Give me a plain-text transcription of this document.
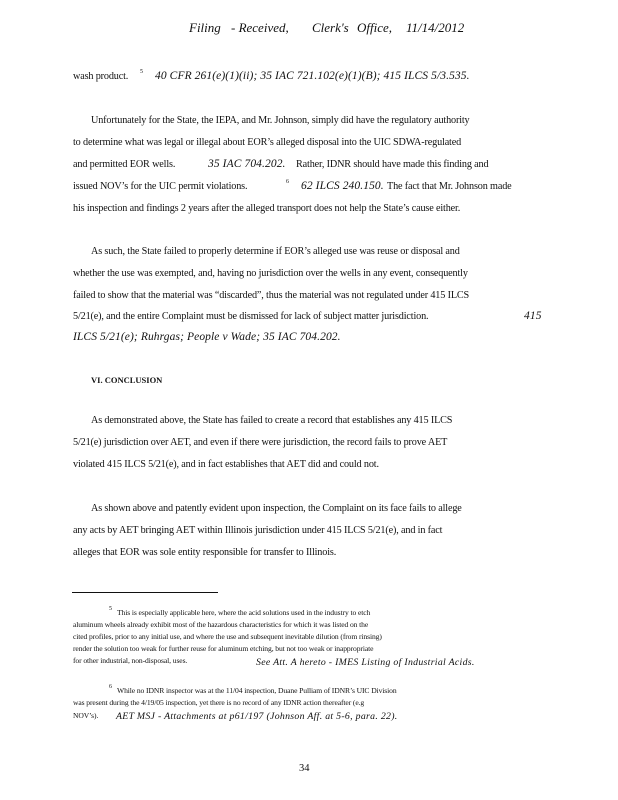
Filing - Received, Clerk's Office, 11/14/2012
wash product. 5 40 CFR 261(e)(1)(ii); 35 IAC 721.102(e)(1)(B); 415 ILCS 5/3.535.
Unfortunately for the State, the IEPA, and Mr. Johnson, simply did have the regulatory authority
to determine what was legal or illegal about EOR’s alleged disposal into the UIC SDWA-regulated
and permitted EOR wells.	35 IAC 704.202. Rather, IDNR should have made this finding and
issued NOV’s for the UIC permit violations.	6 62 ILCS 240.150. The fact that Mr. Johnson made
his inspection and findings 2 years after the alleged transport does not help the State’s cause either.
As such, the State failed to properly determine if EOR’s alleged use was reuse or disposal and
whether the use was exempted, and, having no jurisdiction over the wells in any event, consequently
failed to show that the material was “discarded”, thus the material was not regulated under 415 ILCS
5/21(e), and the entire Complaint must be dismissed for lack of subject matter jurisdiction.	415
ILCS 5/21(e); Ruhrgas; People v Wade; 35 IAC 704.202.
VI. CONCLUSION
As demonstrated above, the State has failed to create a record that establishes any 415 ILCS
5/21(e) jurisdiction over AET, and even if there were jurisdiction, the record fails to prove AET
violated 415 ILCS 5/21(e), and in fact establishes that AET did and could not.
As shown above and patently evident upon inspection, the Complaint on its face fails to allege
any acts by AET bringing AET within Illinois jurisdiction under 415 ILCS 5/21(e), and in fact
alleges that EOR was sole entity responsible for transfer to Illinois.
5 This is especially applicable here, where the acid solutions used in the industry to etch
aluminum wheels already exhibit most of the hazardous characteristics for which it was listed on the
cited profiles, prior to any initial use, and where the use and subsequent inevitable dilution (from rinsing)
render the solution too weak for further reuse for aluminum etching, but not too weak or inappropriate
for other industrial, non-disposal, uses.	See Att. A hereto - IMES Listing of Industrial Acids.
6 While no IDNR inspector was at the 11/04 inspection, Duane Pulliam of IDNR’s UIC Division
was present during the 4/19/05 inspection, yet there is no record of any IDNR action thereafter (e.g
NOV’s). AET MSJ - Attachments at p61/197 (Johnson Aff. at 5-6, para. 22).
34
